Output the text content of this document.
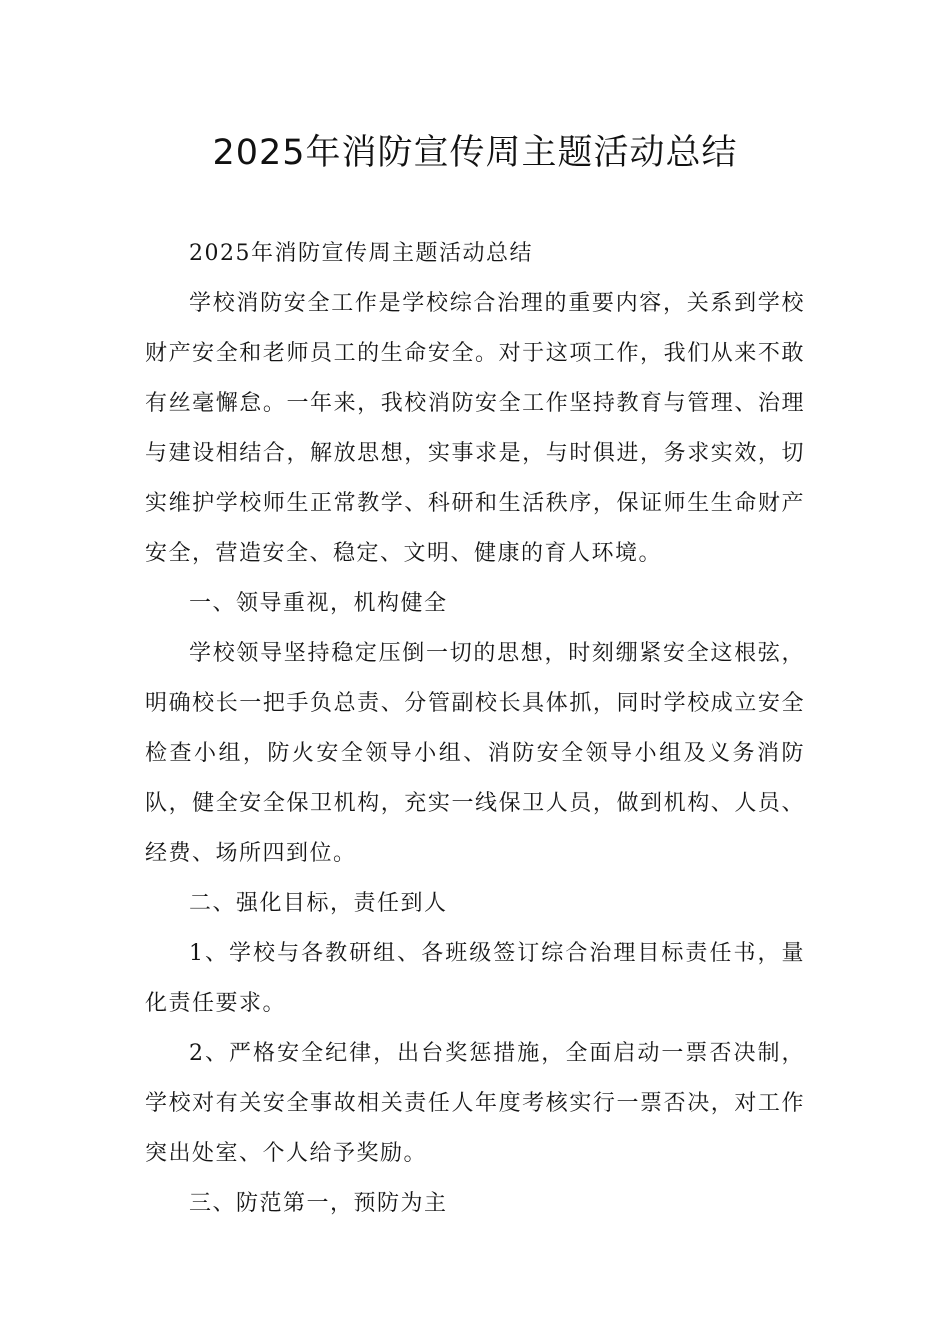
2025年消防宣传周主题活动总结

2025年消防宣传周主题活动总结

学校消防安全工作是学校综合治理的重要内容，关系到学校财产安全和老师员工的生命安全。对于这项工作，我们从来不敢有丝毫懈怠。一年来，我校消防安全工作坚持教育与管理、治理与建设相结合，解放思想，实事求是，与时俱进，务求实效，切实维护学校师生正常教学、科研和生活秩序，保证师生生命财产安全，营造安全、稳定、文明、健康的育人环境。

一、领导重视，机构健全

学校领导坚持稳定压倒一切的思想，时刻绷紧安全这根弦，明确校长一把手负总责、分管副校长具体抓，同时学校成立安全检查小组，防火安全领导小组、消防安全领导小组及义务消防队，健全安全保卫机构，充实一线保卫人员，做到机构、人员、经费、场所四到位。

二、强化目标，责任到人

1、学校与各教研组、各班级签订综合治理目标责任书，量化责任要求。

2、严格安全纪律，出台奖惩措施，全面启动一票否决制，学校对有关安全事故相关责任人年度考核实行一票否决，对工作突出处室、个人给予奖励。

三、防范第一，预防为主
